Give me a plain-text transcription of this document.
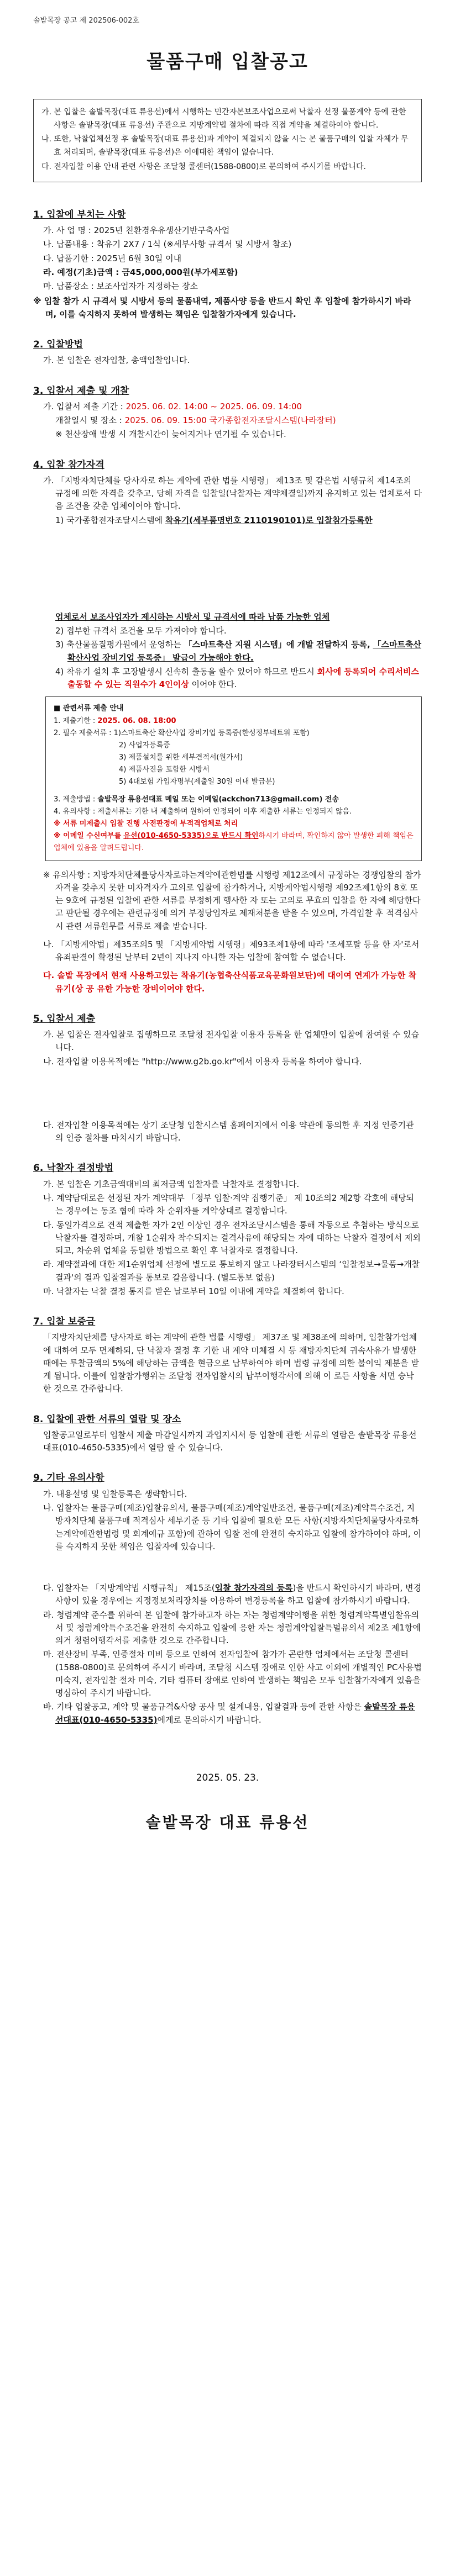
솔밭목장 공고 제 202506-002호
물품구매 입찰공고

가. 본 입찰은 솔밭목장(대표 류용선)에서 시행하는 민간자본보조사업으로써 낙찰자 선정 물품계약 등에 관한 사항은 솔밭목장(대표 류용선) 주관으로 지방계약법 절차에 따라 직접 계약을 체결하여야 합니다.

나. 또한, 낙찰업체선정 후 솔밭목장(대표 류용선)과 계약이 체결되지 않을 시는 본 물품구매의 입찰 자체가 무효 처리되며, 솔밭목장(대표 류용선)은 이에대한 책임이 없습니다.

다. 전자입찰 이용 안내 관련 사항은 조달청 콜센터(1588-0800)로 문의하여 주시기를 바랍니다.

1. 입찰에 부치는 사항

가. 사 업 명 : 2025년 친환경우유생산기반구축사업

나. 납품내용 : 착유기 2X7 / 1식 (※세부사항 규격서 및 시방서 참조)

다. 납품기한 : 2025년 6월 30일 이내

라. 예정(기초)금액 : 금45,000,000원(부가세포함)

마. 납품장소 : 보조사업자가 지정하는 장소

※ 입찰 참가 시 규격서 및 시방서 등의 물품내역, 제품사양 등을 반드시 확인 후 입찰에 참가하시기 바라며, 이를 숙지하지 못하여 발생하는 책임은 입찰참가자에게 있습니다.

2. 입찰방법

가. 본 입찰은 전자입찰, 총액입찰입니다.

3. 입찰서 제출 및 개찰

가. 입찰서 제출 기간 : 2025. 06. 02. 14:00 ~ 2025. 06. 09. 14:00

개찰일시 및 장소 : 2025. 06. 09. 15:00 국가종합전자조달시스템(나라장터)

※ 천산장애 발생 시 개찰시간이 늦어지거나 연기될 수 있습니다.

4. 입찰 참가자격

가. 「지방자치단체를 당사자로 하는 계약에 관한 법률 시행령」 제13조 및 같은법 시행규칙 제14조의 규정에 의한 자격을 갖추고, 당해 자격을 입찰일(낙찰자는 계약체결일)까지 유지하고 있는 업체로서 다음 조건을 갖춘 업체이어야 합니다.

1) 국가종합전자조달시스템에 착유기(세부품명번호 2110190101)로 입찰참가등록한

업체로서 보조사업자가 제시하는 시방서 및 규격서에 따라 납품 가능한 업체

2) 접부한 규격서 조건을 모두 가져야야 합니다.

3) 축산물품질평가원에서 운영하는 「스마트축산 지원 시스템」에 개발 전달하지 등록, 「스마트축산 확산사업 장비기업 등록증」 발급이 가능해야 한다.

4) 착유기 설치 후 고장발생시 신속히 출동을 할수 있어야 하므로 반드시 회사에 등록되어 수리서비스 출동할 수 있는 직원수가 4인이상 이어야 한다.

■ 관련서류 제출 안내
1. 제출기한 : 2025. 06. 08. 18:00
2. 필수 제출서류 : 1)스마트축산 확산사업 장비기업 등록증(한성정부네트워 포함)
2) 사업자등록증
3) 제품설치를 위한 세부견적서(원가서)
4) 제품사진을 포함한 시방서
5) 4대보험 가입자명부(제출일 30일 이내 발급분)
3. 제출방법 : 솔밭목장 류용선대표 메일 또는 이메일(ackchon713@gmail.com) 전송
4. 유의사항 : 제출서류는 기한 내 제출하며 원하여 안정되어 이후 제출한 서류는 인정되지 않음.
※ 서류 미제출시 입찰 진행 사전판정에 부적격업체로 처리
※ 이메일 수신여부를 유선(010-4650-5335)으로 반드시 확인하시기 바라며, 확인하지 않아 발생한 피해 책임은 업체에 있음을 알려드립니다.

※ 유의사항 : 지방자치단체를당사자로하는계약에관한법률 시행령 제12조에서 규정하는 경쟁입찰의 참가자격을 갖추지 못한 미자격자가 고의로 입찰에 참가하거나, 지방계약법시행령 제92조제1항의 8호 또는 9호에 규정된 입찰에 관한 서류를 부정하게 행사한 자 또는 고의로 무효의 입찰을 한 자에 해당한다고 판단될 경우에는 관련규정에 의거 부정당업자로 제재처분을 받을 수 있으며, 가격입찰 후 적격심사시 관련 서류원무를 서류로 제출 받습니다.

나. 「지방계약법」제35조의5 및 「지방계약법 시행령」제93조제1항에 따라 '조세포탈 등을 한 자'로서 유죄판결이 확정된 날부터 2년이 지나지 아니한 자는 입찰에 참여할 수 없습니다.

다. 솔밭 목장에서 현재 사용하고있는 착유기(농협축산식품교육문화원보탄)에 대이여 연계가 가능한 착유기(상 공 유한 가능한 장비이어야 한다.

5. 입찰서 제출

가. 본 입찰은 전자입찰로 집행하므로 조달청 전자입찰 이용자 등록을 한 업체만이 입찰에 참여할 수 있습니다.

나. 전자입찰 이용목적에는 "http://www.g2b.go.kr"에서 이용자 등록을 하여야 합니다.

다. 전자입찰 이용목적에는 상기 조달청 입찰시스템 홈페이지에서 이용 약관에 동의한 후 지정 인증기관의 인증 절차를 마치시기 바랍니다.

6. 낙찰자 결정방법

가. 본 입찰은 기초금액대비의 최저금액 입찰자를 낙찰자로 결정합니다.

나. 계약담대로은 선정된 자가 계약대부 「정부 입찰·계약 집행기준」 제 10조의2 제2항 각호에 해당되는 경우에는 동조 협에 따라 차 순위자를 계약상대로 결정합니다.

다. 동일가격으로 견적 제출한 자가 2인 이상인 경우 전자조달시스템을 통해 자동으로 추첨하는 방식으로 낙찰자를 결정하며, 개찰 1순위자 착수되지는 결격사유에 해당되는 자에 대하는 낙찰자 결정에서 제외되고, 차순위 업체을 동일한 방법으로 확인 후 낙찰자로 결정합니다.

라. 계약절과에 대한 제1순위업체 선정에 별도로 통보하지 않고 나라장터시스템의 ‘입찰정보→물품→개찰결과'의 결과 입찰결과를 통보로 갈음합니다. (별도통보 없음)

마. 낙찰자는 낙찰 결정 통지를 받은 날로부터 10일 이내에 계약을 체결하여 합니다.

7. 입찰 보증금

「지방자치단체를 당사자로 하는 계약에 관한 법률 시행령」 제37조 및 제38조에 의하며, 입찰참가업체에 대하여 모두 면제하되, 단 낙찰자 결정 후 기한 내 계약 미체결 시 등 재방자치단체 귀속사유가 발생한 때에는 투찰금액의 5%에 해당하는 금액을 현금으로 납부하여야 하며 법령 규정에 의한 불이익 제분을 받게 됩니다. 이를에 입찰참가행위는 조달청 전자입찰시의 납부이행각서에 의해 이 로든 사항을 서면 승낙한 것으로 간주합니다.

8. 입찰에 관한 서류의 열람 및 장소

입찰공고일로부터 입찰서 제출 마감일시까지 과업지시서 등 입찰에 관한 서류의 열람은 솔밭목장 류용선 대표(010-4650-5335)에서 열람 할 수 있습니다.

9. 기타 유의사항

가. 내용설명 및 입찰등록은 생략합니다.

나. 입찰자는 물품구매(제조)입찰유의서, 물품구매(제조)계약일반조건, 물품구매(제조)계약특수조건, 지방자치단체 물품구매 적격심사 세부기준 등 기타 입찰에 필요한 모든 사항(지방자치단체물당사자로하는계약에관한법령 및 회계예규 포함)에 관하여 입찰 전에 완전히 숙지하고 입찰에 참가하여야 하며, 이를 숙지하지 못한 책임은 입찰자에 있습니다.

다. 입찰자는 「지방계약법 시행규칙」 제15조(입찰 참가자격의 등록)을 반드시 확인하시기 바라며, 변경사항이 있을 경우에는 지정정보처리장치를 이용하여 변경등록을 하고 입찰에 참가하시기 바랍니다.

라. 청렴계약 준수를 위하여 본 입찰에 참가하고자 하는 자는 청렴계약이행을 위한 청렴계약특별입찰유의서 및 청렴계약특수조건을 완전히 숙지하고 입찰에 응한 자는 청렴계약입찰특별유의서 제2조 제1항에 의거 청렴이행각서를 제출한 것으로 간주합니다.

마. 전산장비 부족, 인증절차 미비 등으로 인하여 전자입찰에 참가가 곤란한 업체에서는 조달청 콜센터(1588-0800)로 문의하여 주시기 바라며, 조달청 시스템 장애로 인한 사고 이외에 개별적인 PC사용법 미숙지, 전자입찰 절차 미숙, 기타 컴퓨터 장애로 인하여 발생하는 책임은 모두 입찰참가자에게 있음을 명심하여 주시기 바랍니다.

바. 기타 입찰공고, 계약 및 물품규격&사양 공사 및 설계내용, 입찰결과 등에 관한 사항은 솔밭목장 류용선대표(010-4650-5335)에게로 문의하시기 바랍니다.

2025. 05. 23.
솔밭목장 대표 류용선
